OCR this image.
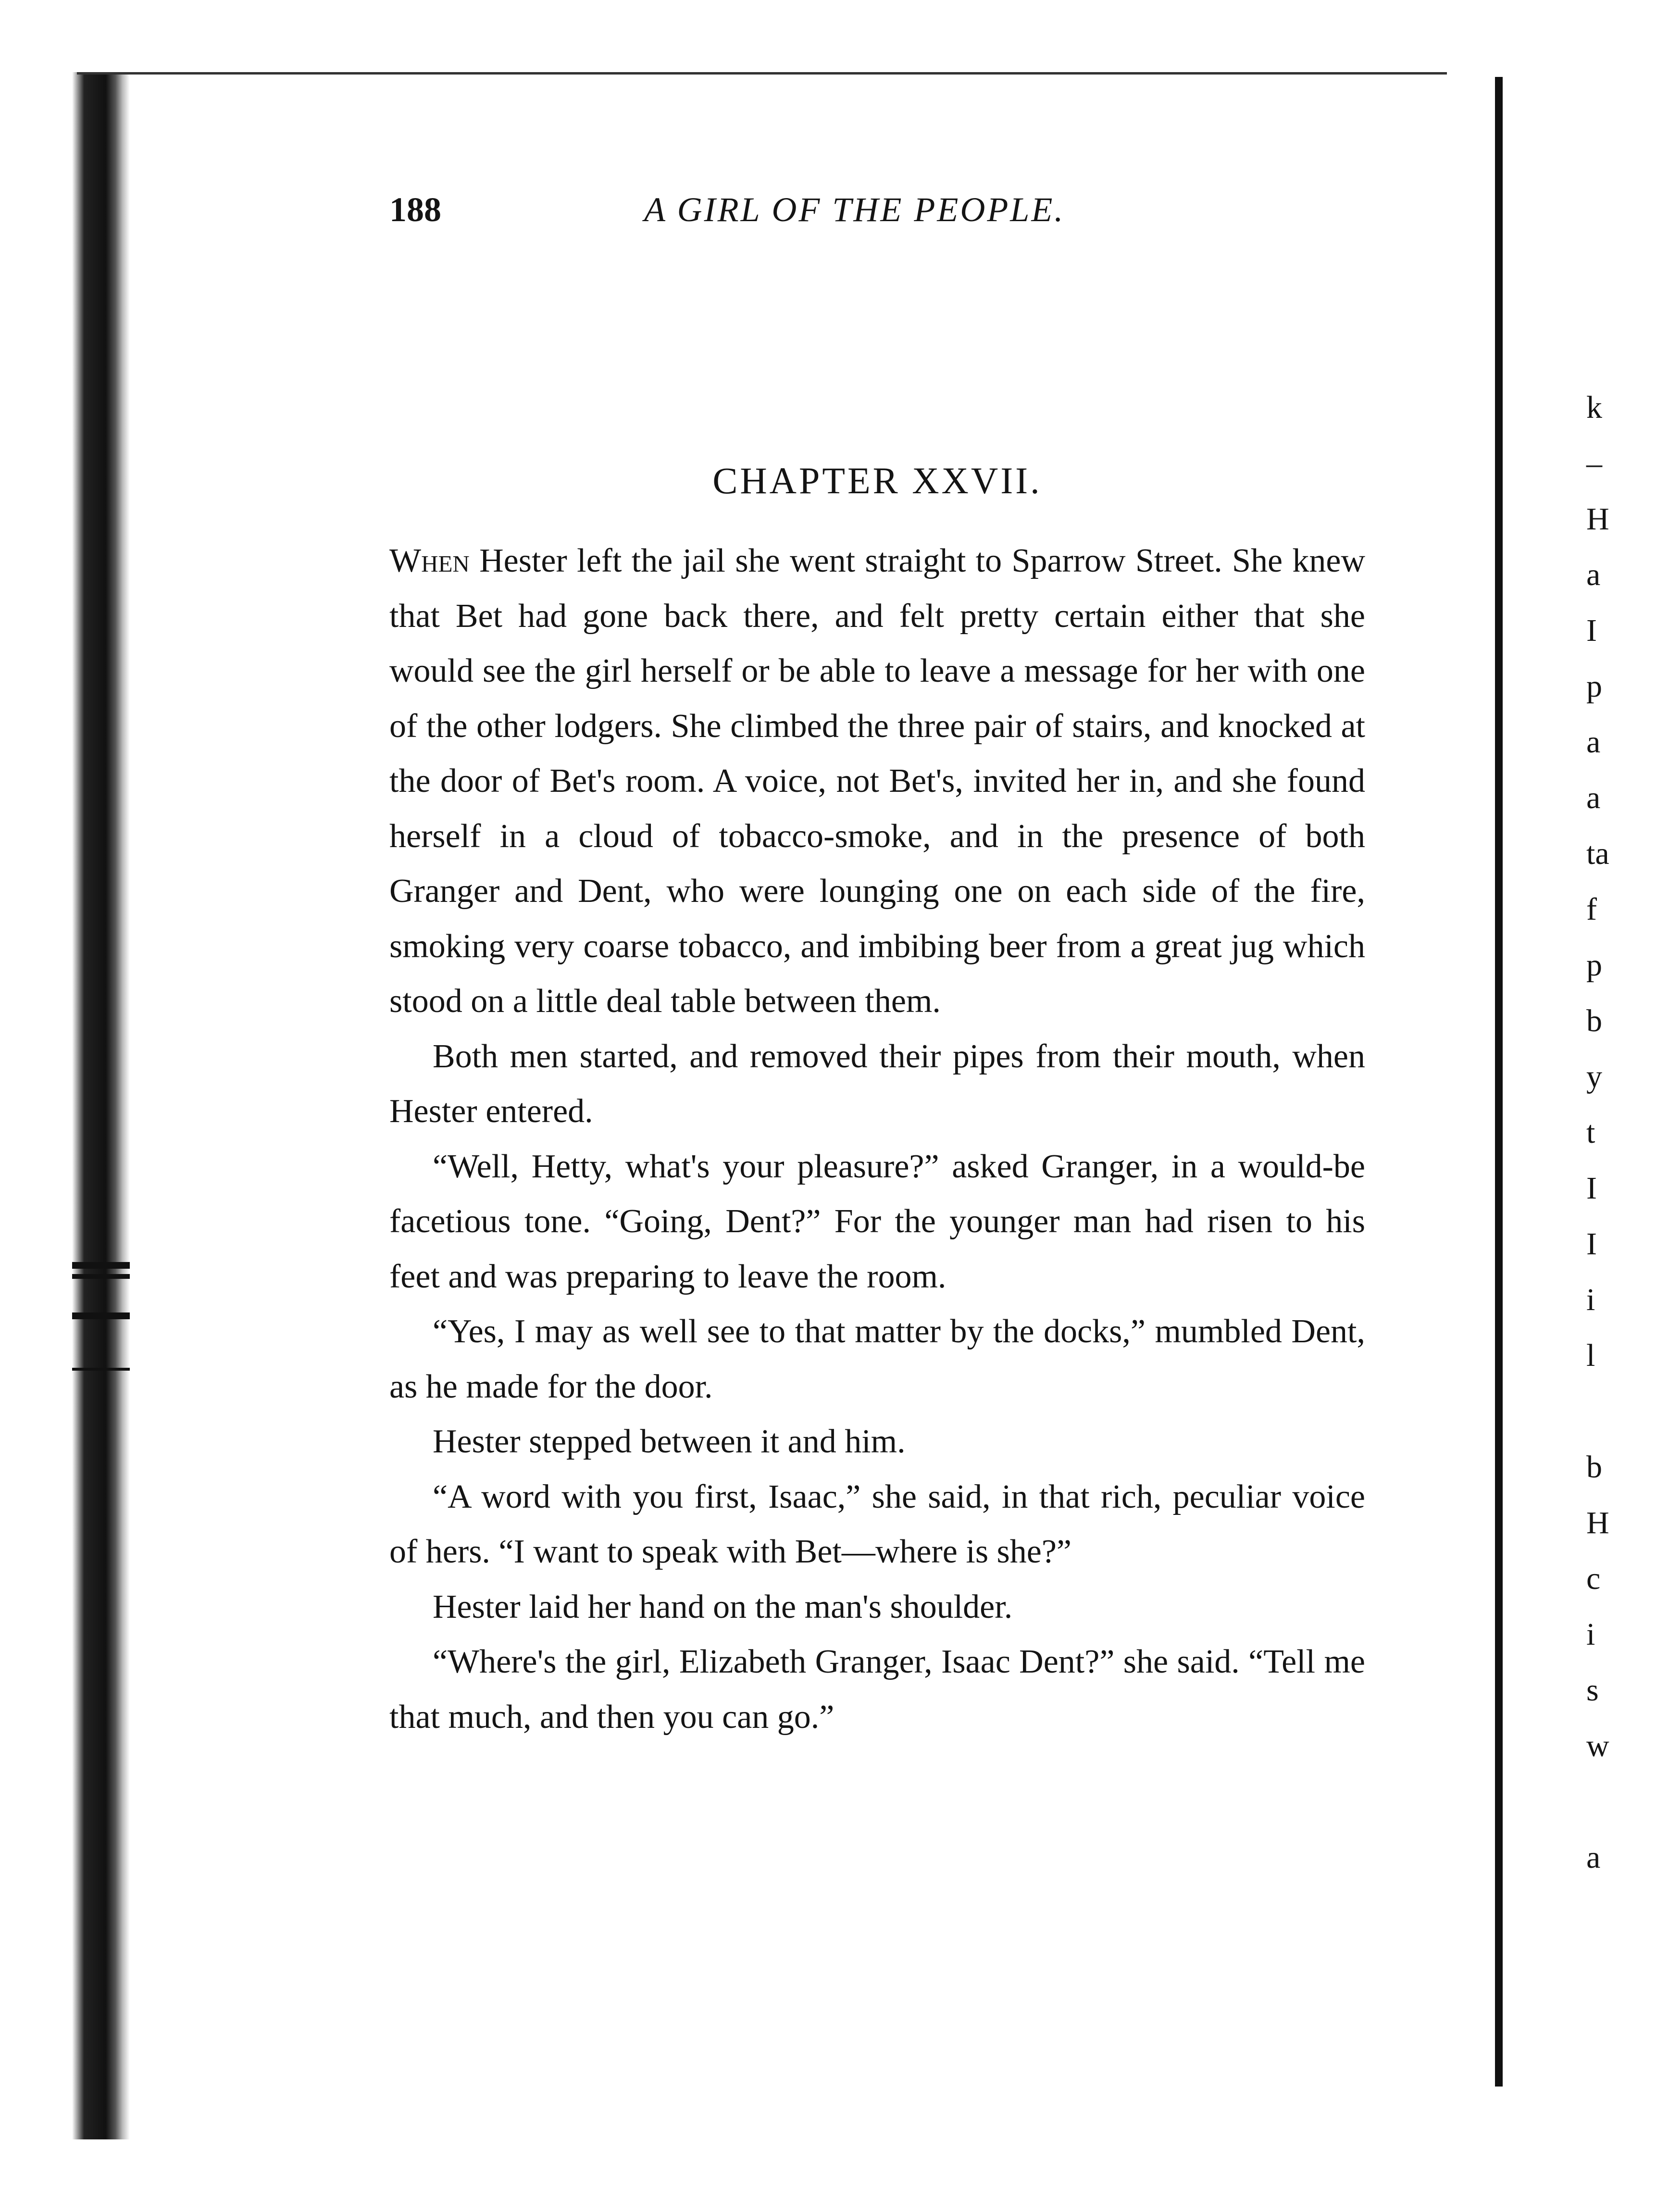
188	A GIRL OF THE PEOPLE.
CHAPTER XXVII.

When Hester left the jail she went straight to Sparrow Street. She knew that Bet had gone back there, and felt pretty certain either that she would see the girl herself or be able to leave a message for her with one of the other lodgers. She climbed the three pair of stairs, and knocked at the door of Bet's room. A voice, not Bet's, invited her in, and she found herself in a cloud of tobacco-smoke, and in the presence of both Granger and Dent, who were lounging one on each side of the fire, smoking very coarse tobacco, and imbibing beer from a great jug which stood on a little deal table between them.

Both men started, and removed their pipes from their mouth, when Hester entered.

“Well, Hetty, what's your pleasure?” asked Granger, in a would-be facetious tone. “Going, Dent?” For the younger man had risen to his feet and was preparing to leave the room.

“Yes, I may as well see to that matter by the docks,” mumbled Dent, as he made for the door.

Hester stepped between it and him.

“A word with you first, Isaac,” she said, in that rich, peculiar voice of hers. “I want to speak with Bet—where is she?”

Hester laid her hand on the man's shoulder.

“Where's the girl, Elizabeth Granger, Isaac Dent?” she said. “Tell me that much, and then you can go.”

k
–
H
a
I
p
a
a
ta
f
p
b
y
t
I
I
i
l

b
H
c
i
s
w

a
